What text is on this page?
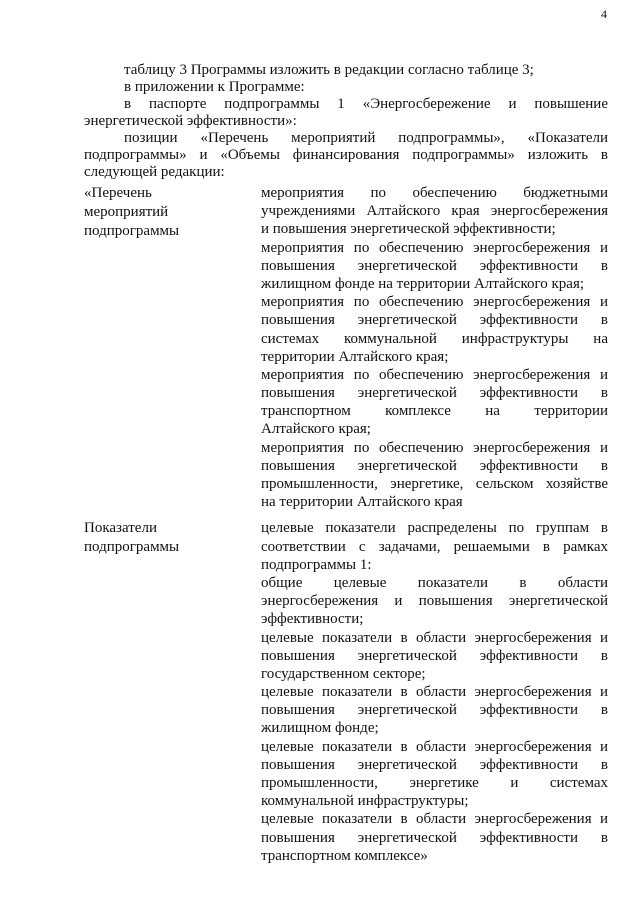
4
таблицу 3 Программы изложить в редакции согласно таблице 3;
в приложении к Программе:
в паспорте подпрограммы 1 «Энергосбережение и повышение
энергетической эффективности»:
позиции «Перечень мероприятий подпрограммы», «Показатели
подпрограммы» и «Объемы финансирования подпрограммы» изложить в
следующей редакции:
«Перечень
мероприятий
подпрограммы
мероприятия по обеспечению бюджетными
учреждениями Алтайского края энергосбережения
и повышения энергетической эффективности;
мероприятия по обеспечению энергосбережения и
повышения энергетической эффективности в
жилищном фонде на территории Алтайского края;
мероприятия по обеспечению энергосбережения и
повышения энергетической эффективности в
системах коммунальной инфраструктуры на
территории Алтайского края;
мероприятия по обеспечению энергосбережения и
повышения энергетической эффективности в
транспортном комплексе на территории
Алтайского края;
мероприятия по обеспечению энергосбережения и
повышения энергетической эффективности в
промышленности, энергетике, сельском хозяйстве
на территории Алтайского края
Показатели
подпрограммы
целевые показатели распределены по группам в
соответствии с задачами, решаемыми в рамках
подпрограммы 1:
общие целевые показатели в области
энергосбережения и повышения энергетической
эффективности;
целевые показатели в области энергосбережения и
повышения энергетической эффективности в
государственном секторе;
целевые показатели в области энергосбережения и
повышения энергетической эффективности в
жилищном фонде;
целевые показатели в области энергосбережения и
повышения энергетической эффективности в
промышленности, энергетике и системах
коммунальной инфраструктуры;
целевые показатели в области энергосбережения и
повышения энергетической эффективности в
транспортном комплексе»
